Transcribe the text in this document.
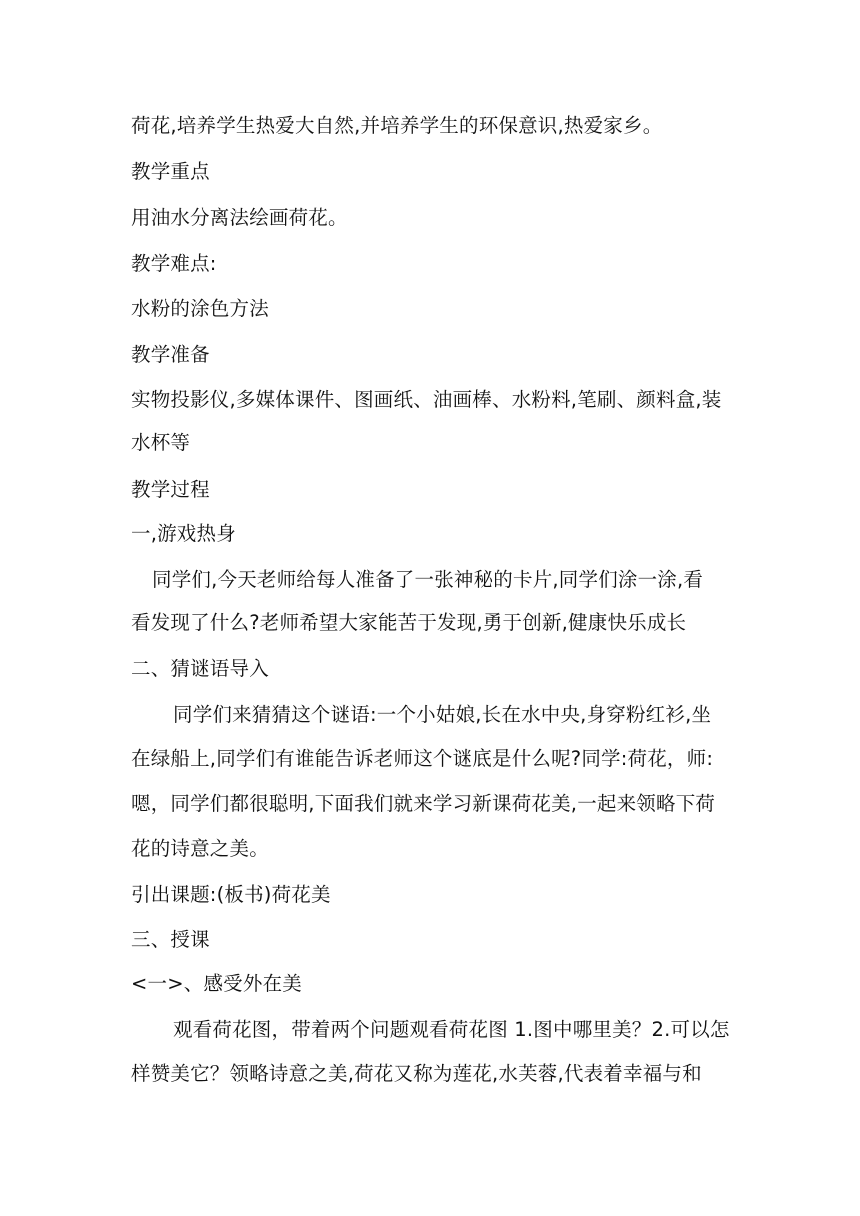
荷花,培养学生热爱大自然,并培养学生的环保意识,热爱家乡。
教学重点
用油水分离法绘画荷花。
教学难点:
水粉的涂色方法
教学准备
实物投影仪,多媒体课件、图画纸、油画棒、水粉料,笔刷、颜料盒,装
水杯等
教学过程
一,游戏热身
同学们,今天老师给每人准备了一张神秘的卡片,同学们涂一涂,看
看发现了什么?老师希望大家能苦于发现,勇于创新,健康快乐成长
二、猜谜语导入
同学们来猜猜这个谜语:一个小姑娘,长在水中央,身穿粉红衫,坐
在绿船上,同学们有谁能告诉老师这个谜底是什么呢?同学:荷花，师:
嗯，同学们都很聪明,下面我们就来学习新课荷花美,一起来领略下荷
花的诗意之美。
引出课题:(板书)荷花美
三、授课
<一>、感受外在美
观看荷花图，带着两个问题观看荷花图 1.图中哪里美？2.可以怎
样赞美它？领略诗意之美,荷花又称为莲花,水芙蓉,代表着幸福与和
